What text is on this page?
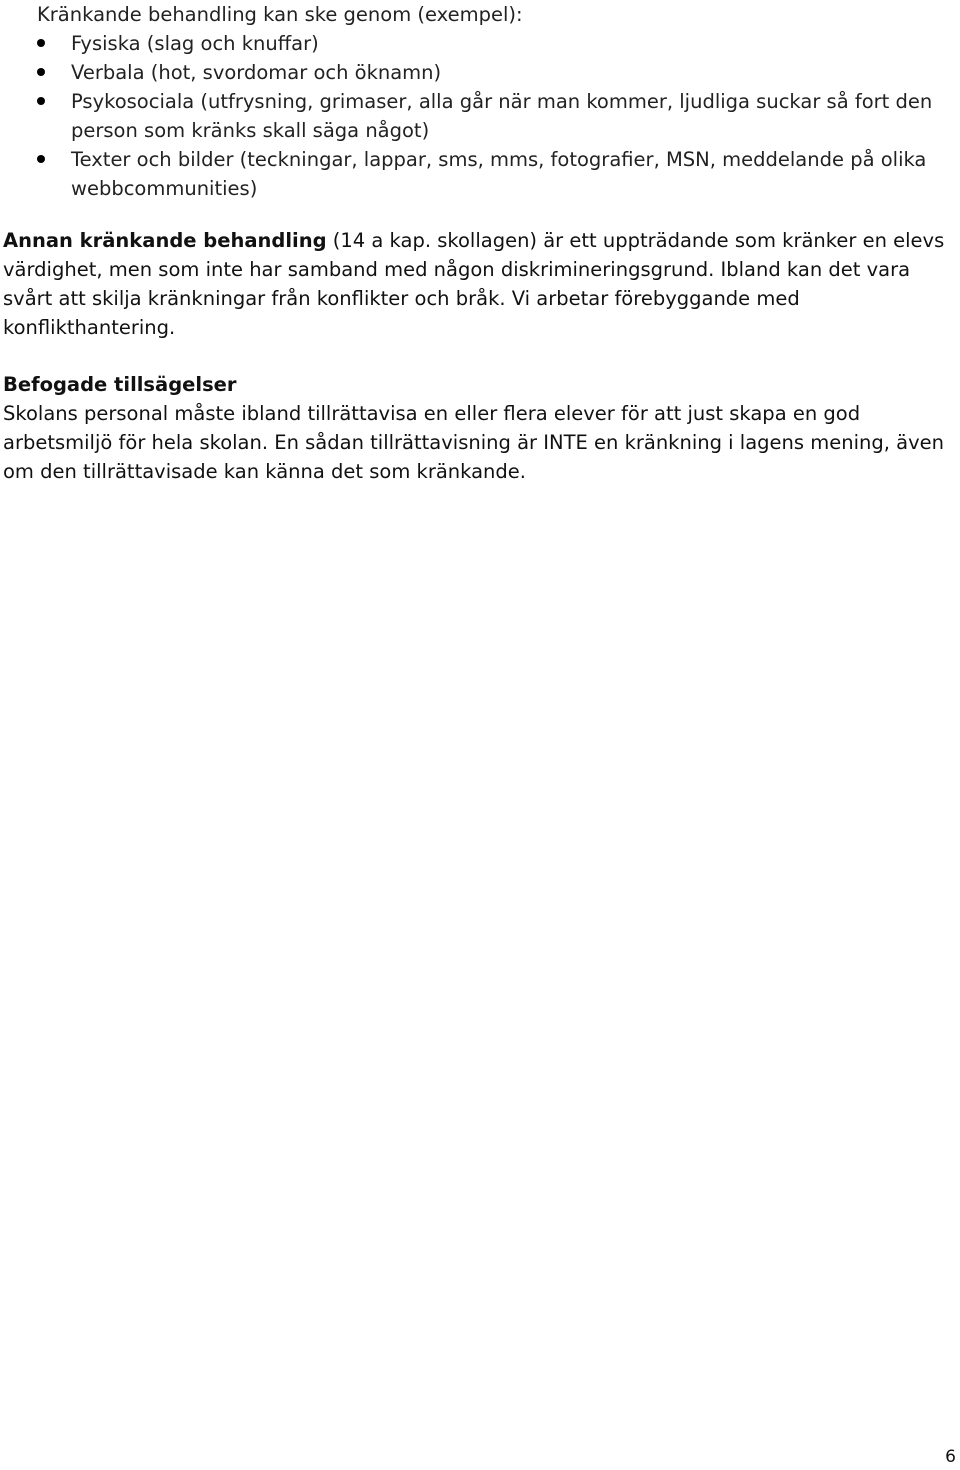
Kränkande behandling kan ske genom (exempel):

Fysiska (slag och knuffar)
Verbala (hot, svordomar och öknamn)
Psykosociala (utfrysning, grimaser, alla går när man kommer, ljudliga suckar så fort den person som kränks skall säga något)
Texter och bilder (teckningar, lappar, sms, mms, fotografier, MSN, meddelande på olika webbcommunities)

Annan kränkande behandling (14 a kap. skollagen) är ett uppträdande som kränker en elevs värdighet, men som inte har samband med någon diskrimineringsgrund. Ibland kan det vara svårt att skilja kränkningar från konflikter och bråk. Vi arbetar förebyggande med konflikthantering.

Befogade tillsägelser

Skolans personal måste ibland tillrättavisa en eller flera elever för att just skapa en god arbetsmiljö för hela skolan. En sådan tillrättavisning är INTE en kränkning i lagens mening, även om den tillrättavisade kan känna det som kränkande.

6
